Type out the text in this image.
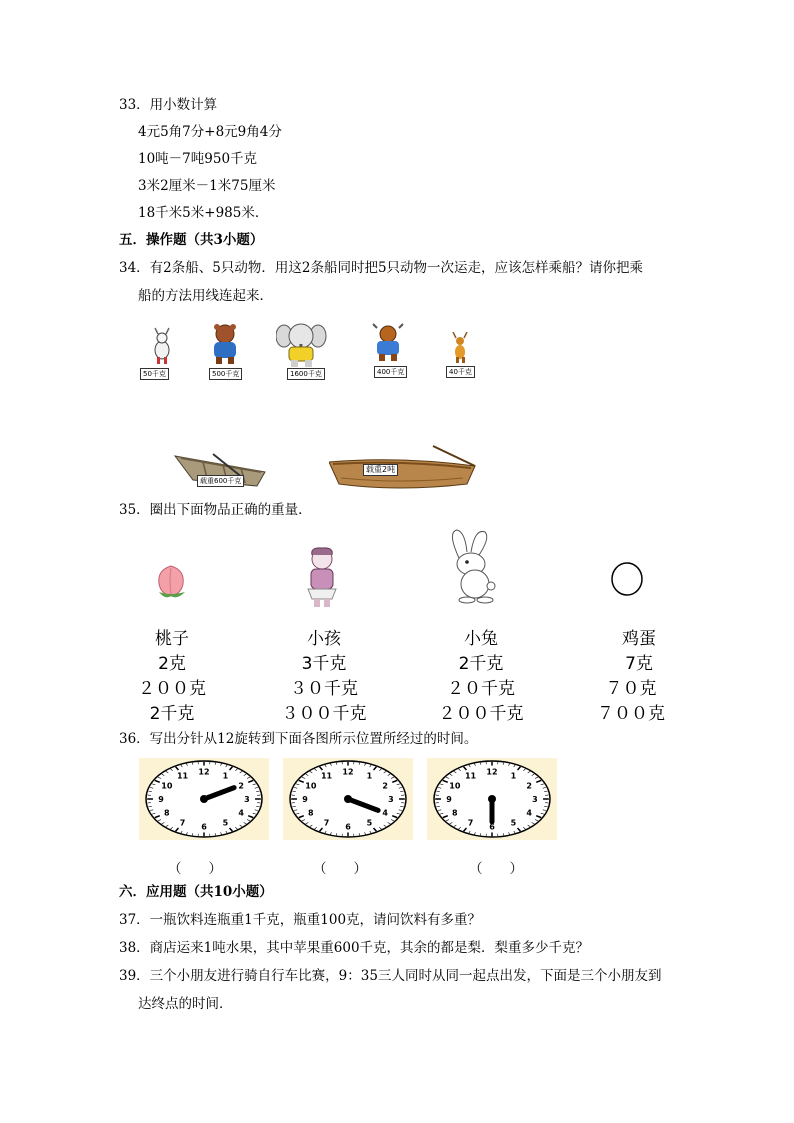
33．用小数计算
4元5角7分+8元9角4分
10吨－7吨950千克
3米2厘米－1米75厘米
18千米5米+985米．
五．操作题（共3小题）
34．有2条船、5只动物．用这2条船同时把5只动物一次运走，应该怎样乘船？请你把乘
船的方法用线连起来．
50千克	500千克	1600千克	400千克	40千克
载重600千克
载重2吨
35．圈出下面物品正确的重量．
桃子
2克
２００克
2千克
小孩
3千克
３０千克
３００千克
小兔
2千克
２０千克
２００千克
鸡蛋
7克
７０克
７００克
36．写出分针从12旋转到下面各图所示位置所经过的时间。
12 1
2
3
4
5
6
7
8
9
10
11	12 1
2
3
4
5
6
7
8
9
10
11	12 1
2
3
4
5
6
7
8
9
10
11
（　　）	（　　）	（　　）
六．应用题（共10小题）
37．一瓶饮料连瓶重1千克，瓶重100克，请问饮料有多重？
38．商店运来1吨水果，其中苹果重600千克，其余的都是梨．梨重多少千克？
39．三个小朋友进行骑自行车比赛，9：35三人同时从同一起点出发，下面是三个小朋友到
达终点的时间．
